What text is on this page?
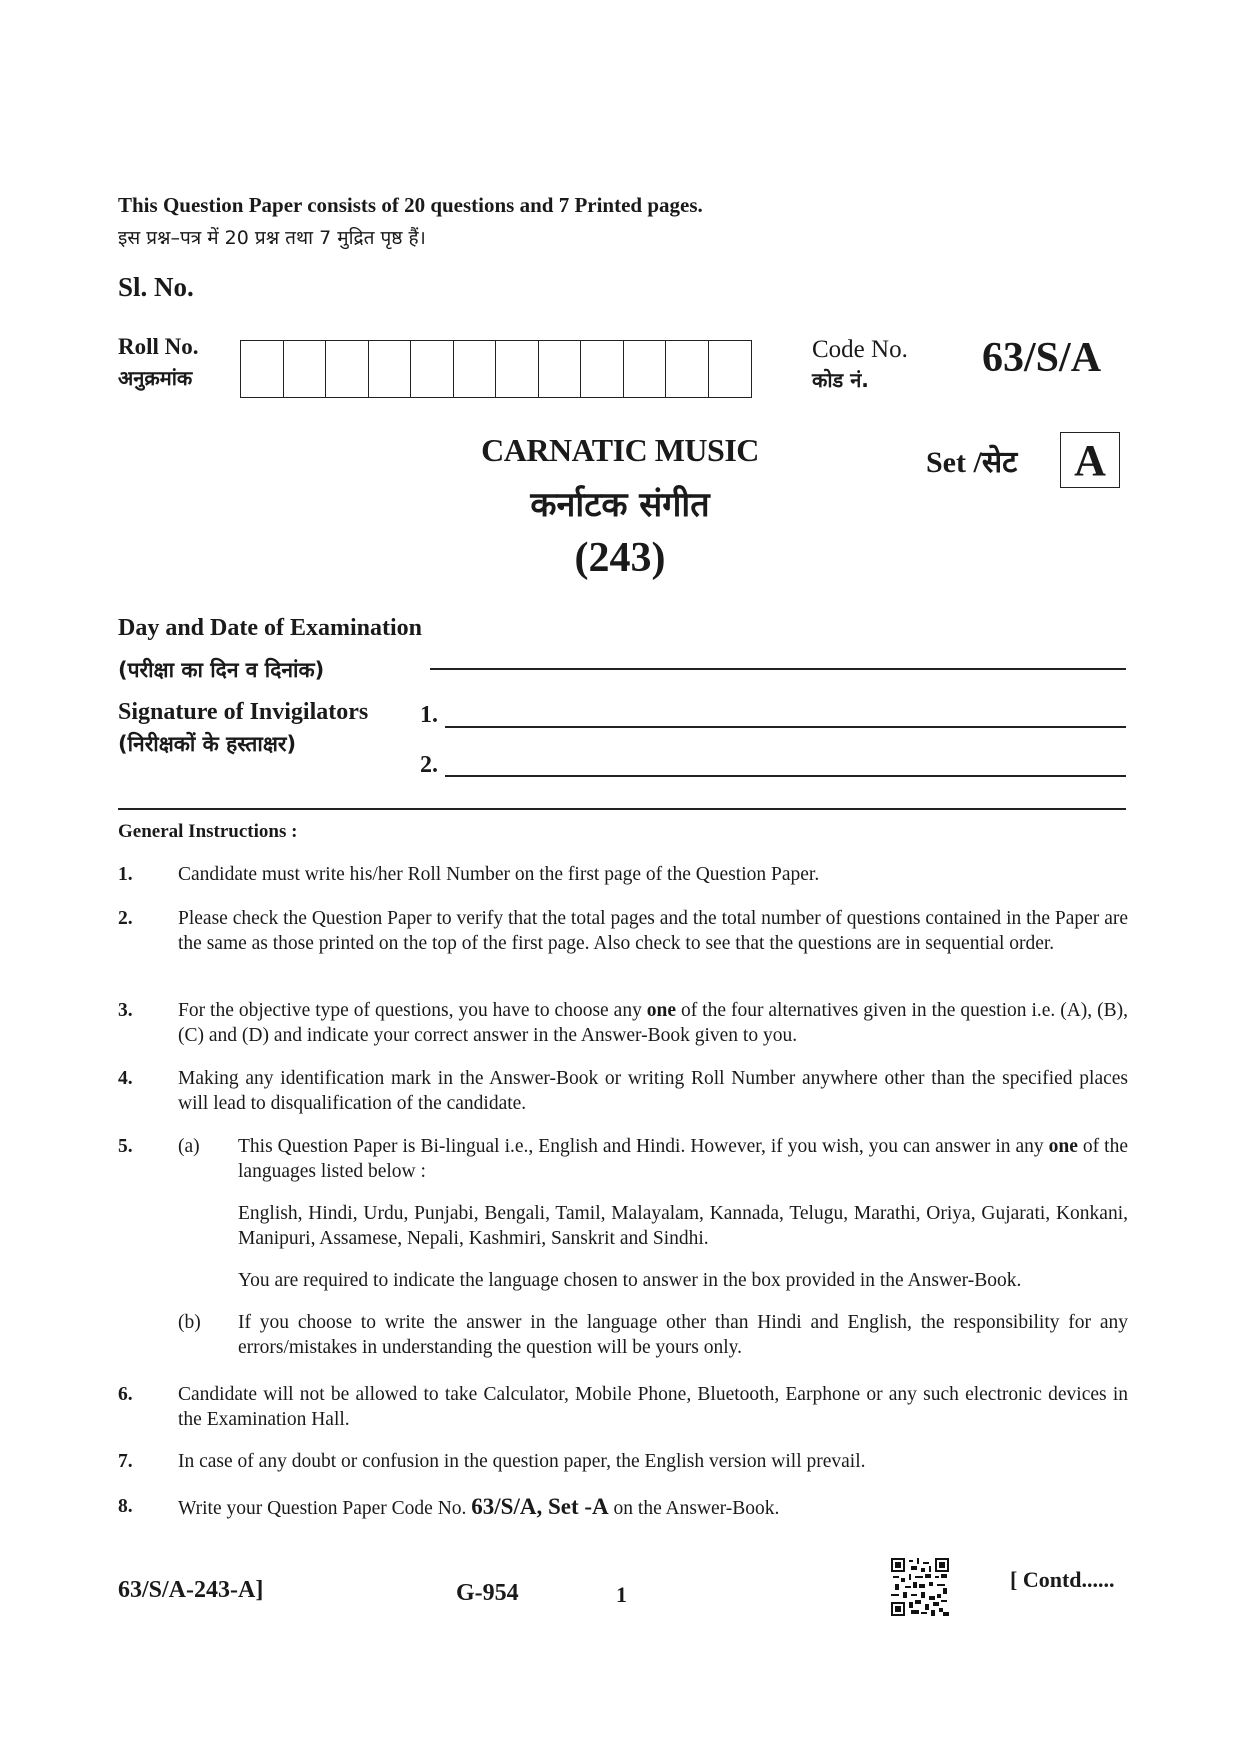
This Question Paper consists of 20 questions and 7 Printed pages.
इस प्रश्न–पत्र में 20 प्रश्न तथा 7 मुद्रित पृष्ठ हैं।
Sl. No.
Roll No.
अनुक्रमांक
Code No.
कोड नं.	63/S/A
CARNATIC MUSIC
कर्नाटक संगीत
(243)
Set /सेट	A
Day and Date of Examination
(परीक्षा का दिन व दिनांक)
Signature of Invigilators
(निरीक्षकों के हस्ताक्षर)
1.
2.
General Instructions :
1.	Candidate must write his/her Roll Number on the first page of the Question Paper.
2.	Please check the Question Paper to verify that the total pages and the total number of questions contained in the Paper are the same as those printed on the top of the first page. Also check to see that the questions are in sequential order.
3.	For the objective type of questions, you have to choose any one of the four alternatives given in the question i.e. (A), (B), (C) and (D) and indicate your correct answer in the Answer-Book given to you.
4.	Making any identification mark in the Answer-Book or writing Roll Number anywhere other than the specified places will lead to disqualification of the candidate.
5.	(a)	This Question Paper is Bi-lingual i.e., English and Hindi. However, if you wish, you can answer in any one of the languages listed below :
English, Hindi, Urdu, Punjabi, Bengali, Tamil, Malayalam, Kannada, Telugu, Marathi, Oriya, Gujarati, Konkani, Manipuri, Assamese, Nepali, Kashmiri, Sanskrit and Sindhi.
You are required to indicate the language chosen to answer in the box provided in the Answer-Book.
(b)	If you choose to write the answer in the language other than Hindi and English, the responsibility for any errors/mistakes in understanding the question will be yours only.
6.	Candidate will not be allowed to take Calculator, Mobile Phone, Bluetooth, Earphone or any such electronic devices in the Examination Hall.
7.	In case of any doubt or confusion in the question paper, the English version will prevail.
8.	Write your Question Paper Code No. 63/S/A, Set -A on the Answer-Book.
63/S/A-243-A]	G-954	1
[ Contd......
